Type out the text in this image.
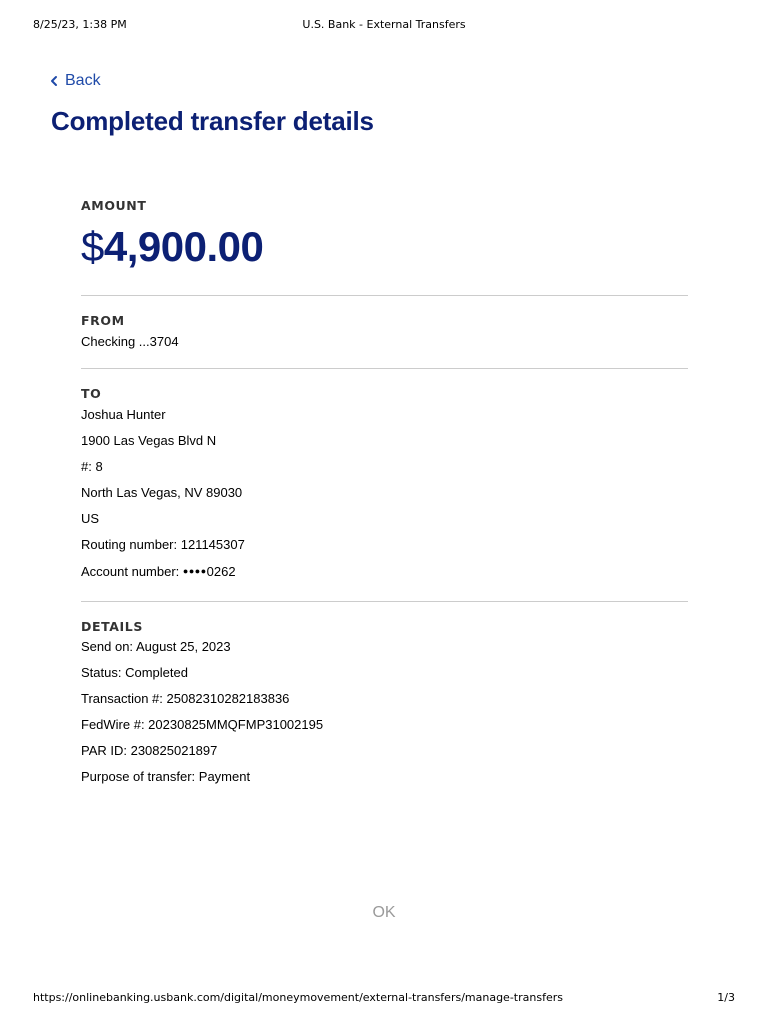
8/25/23, 1:38 PM	U.S. Bank - External Transfers
Back
Completed transfer details

AMOUNT

$4,900.00

FROM

Checking ...3704

TO

Joshua Hunter
1900 Las Vegas Blvd N
#: 8
North Las Vegas, NV 89030
US
Routing number: 121145307
Account number: ●●●●0262

DETAILS

Send on: August 25, 2023
Status: Completed
Transaction #: 25082310282183836
FedWire #: 20230825MMQFMP31002195
PAR ID: 230825021897
Purpose of transfer: Payment
OK
https://onlinebanking.usbank.com/digital/moneymovement/external-transfers/manage-transfers	1/3
